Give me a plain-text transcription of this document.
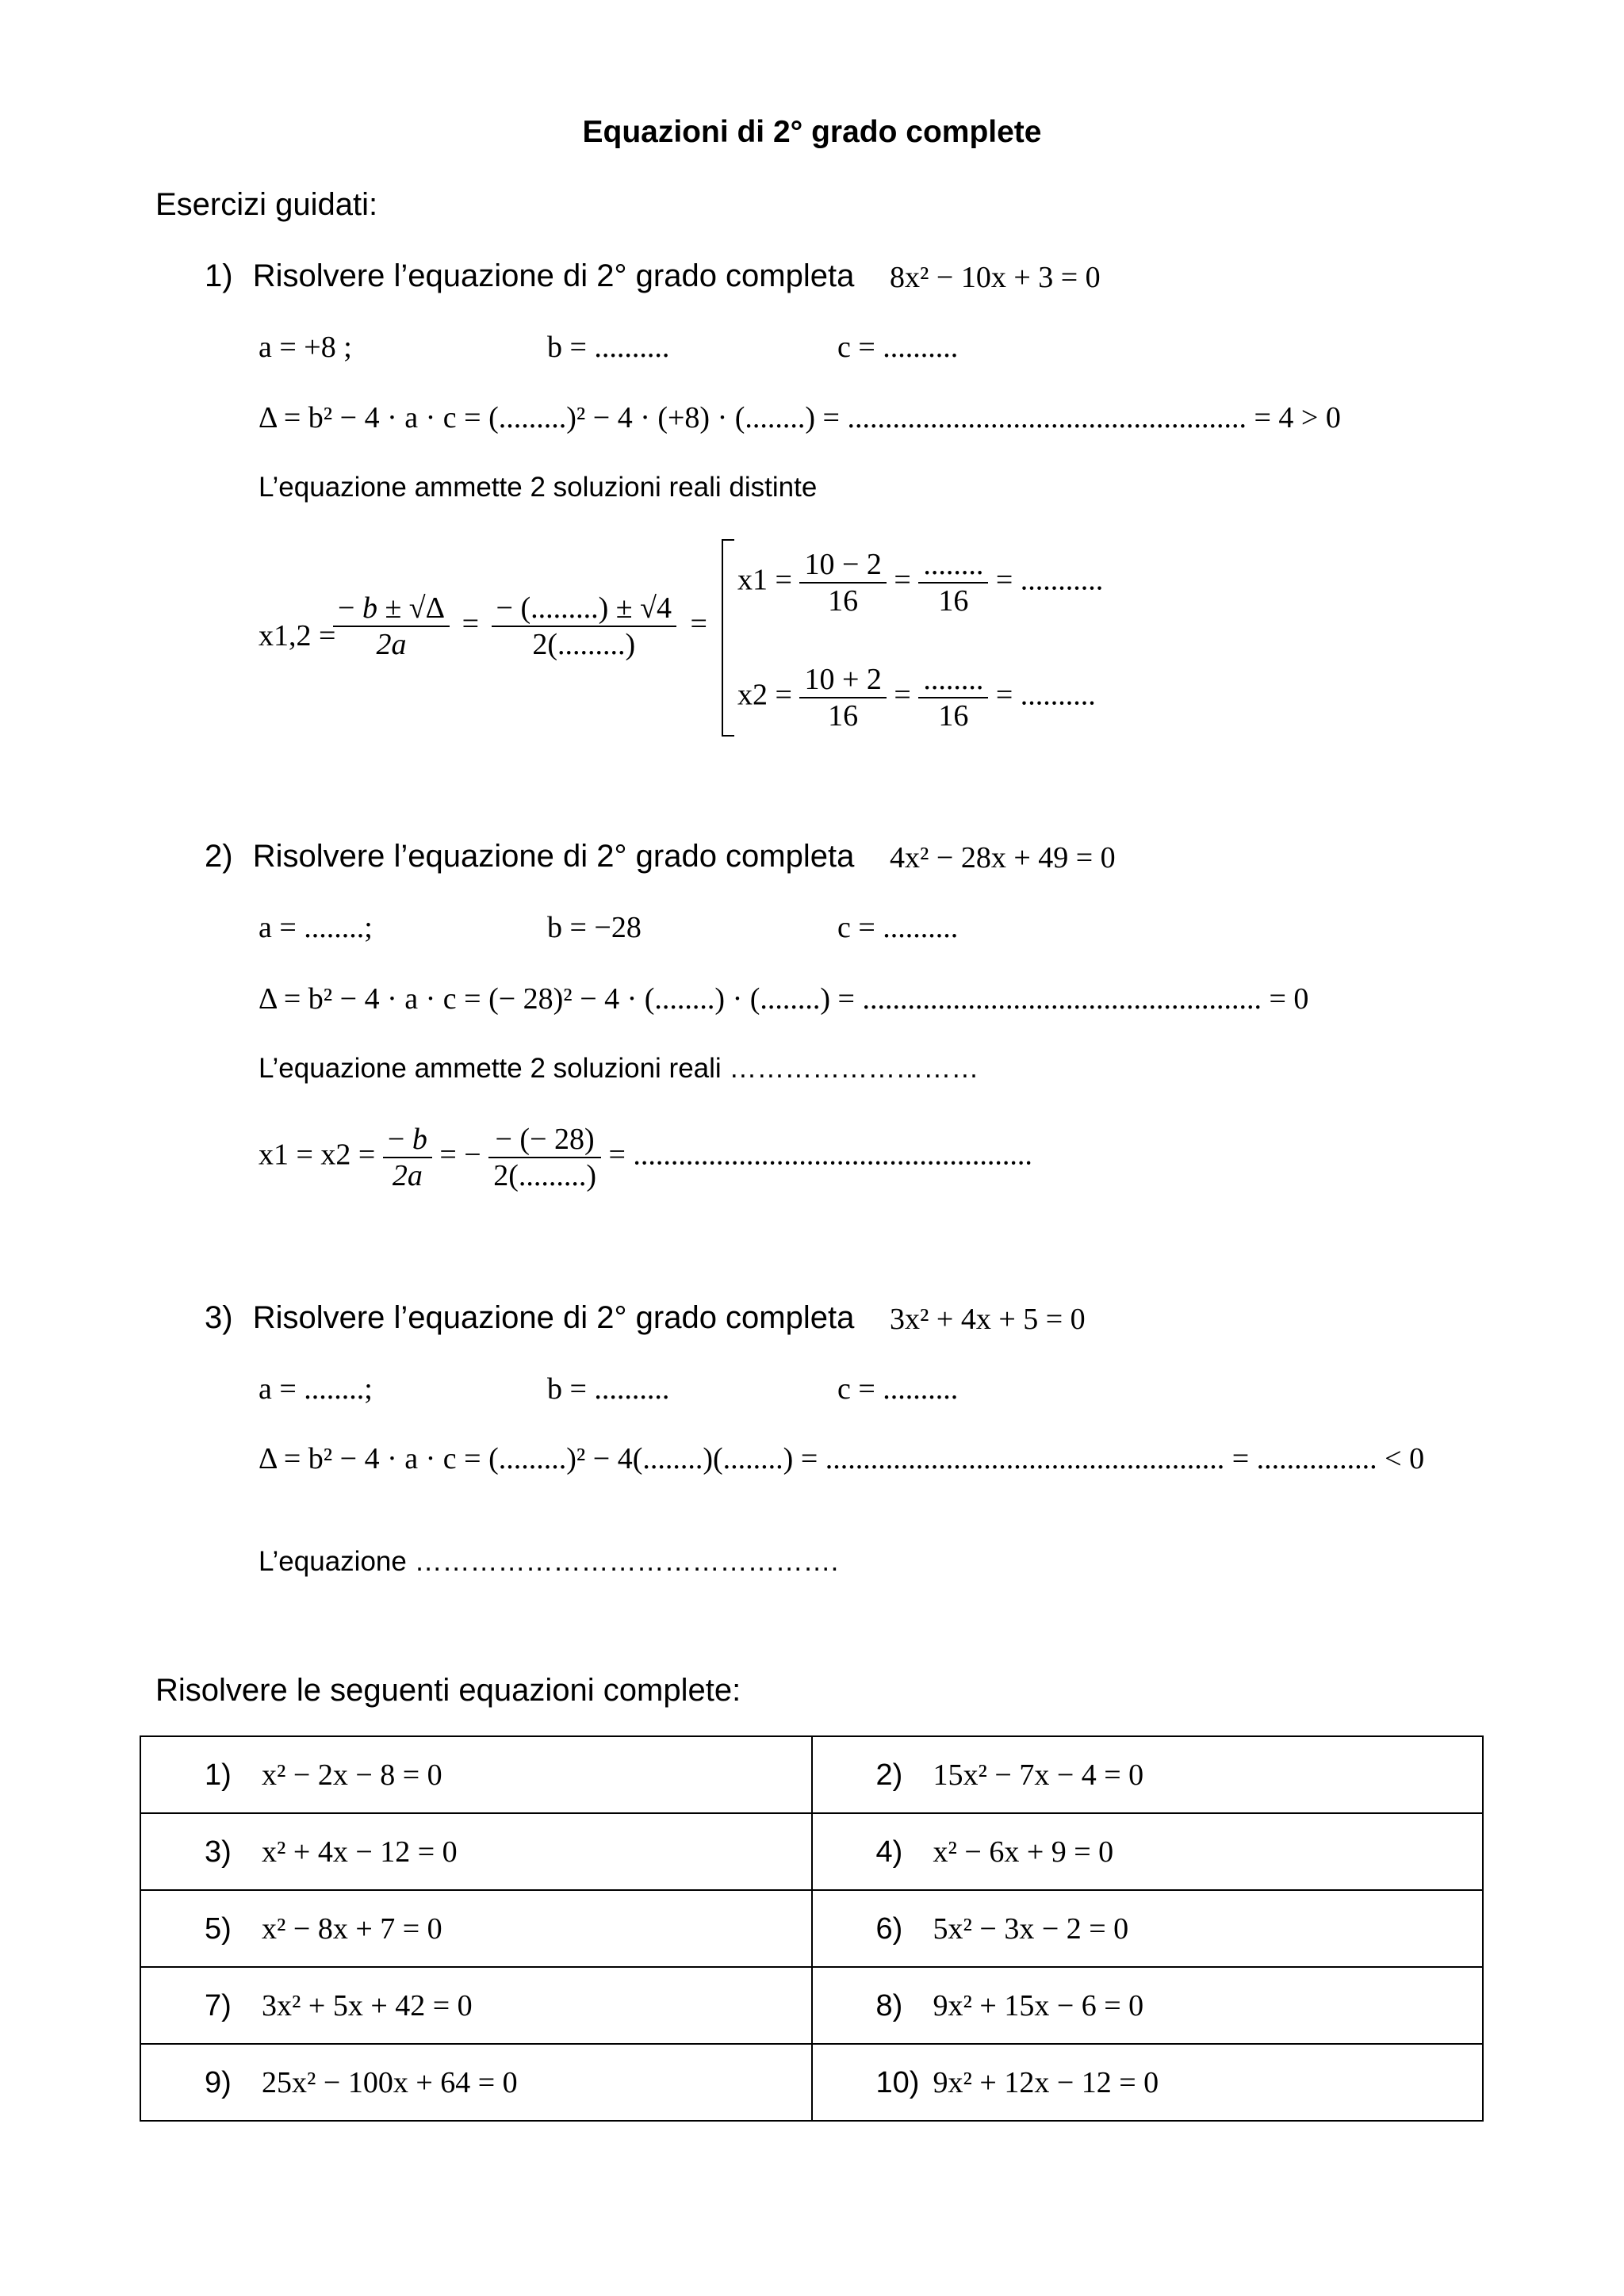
Equazioni di 2° grado complete
Esercizi guidati:
1) Risolvere l’equazione di 2° grado completa 8x² − 10x + 3 = 0
a = +8 ;	b = ..........	c = ..........
Δ = b² − 4 · a · c = (.........)² − 4 · (+8) · (........) = ..................................................... = 4 > 0
L’equazione ammette 2 soluzioni reali distinte
x1,2 =
$\frac{- b \pm √\Delta}{2a} = \frac{- (.........) \pm √4}{2(.........)}$ =
$x1 = \frac{10 - 2}{16} = \frac{........}{16}$ = ...........
$x2 = \frac{10 + 2}{16} = \frac{........}{16}$ = ..........
2) Risolvere l’equazione di 2° grado completa 4x² − 28x + 49 = 0
a = ........;	b = −28	c = ..........
Δ = b² − 4 · a · c = (− 28)² − 4 · (........) · (........) = ..................................................... = 0
L’equazione ammette 2 soluzioni reali ………………………
$x1 = x2 = \frac{- b}{2a}$ = − $\frac{- (- 28)}{2(.........)}$ = .....................................................
3) Risolvere l’equazione di 2° grado completa 3x² + 4x + 5 = 0
a = ........;	b = ..........	c = ..........
Δ = b² − 4 · a · c = (.........)² − 4(........)(........) = ..................................................... = ................ < 0
L’equazione ……………………………………….
Risolvere le seguenti equazioni complete:
1) x² − 2x − 8 = 0	2) 15x² − 7x − 4 = 0
3) x² + 4x − 12 = 0	4) x² − 6x + 9 = 0
5) x² − 8x + 7 = 0	6) 5x² − 3x − 2 = 0
7) 3x² + 5x + 42 = 0	8) 9x² + 15x − 6 = 0
9) 25x² − 100x + 64 = 0	10) 9x² + 12x − 12 = 0
